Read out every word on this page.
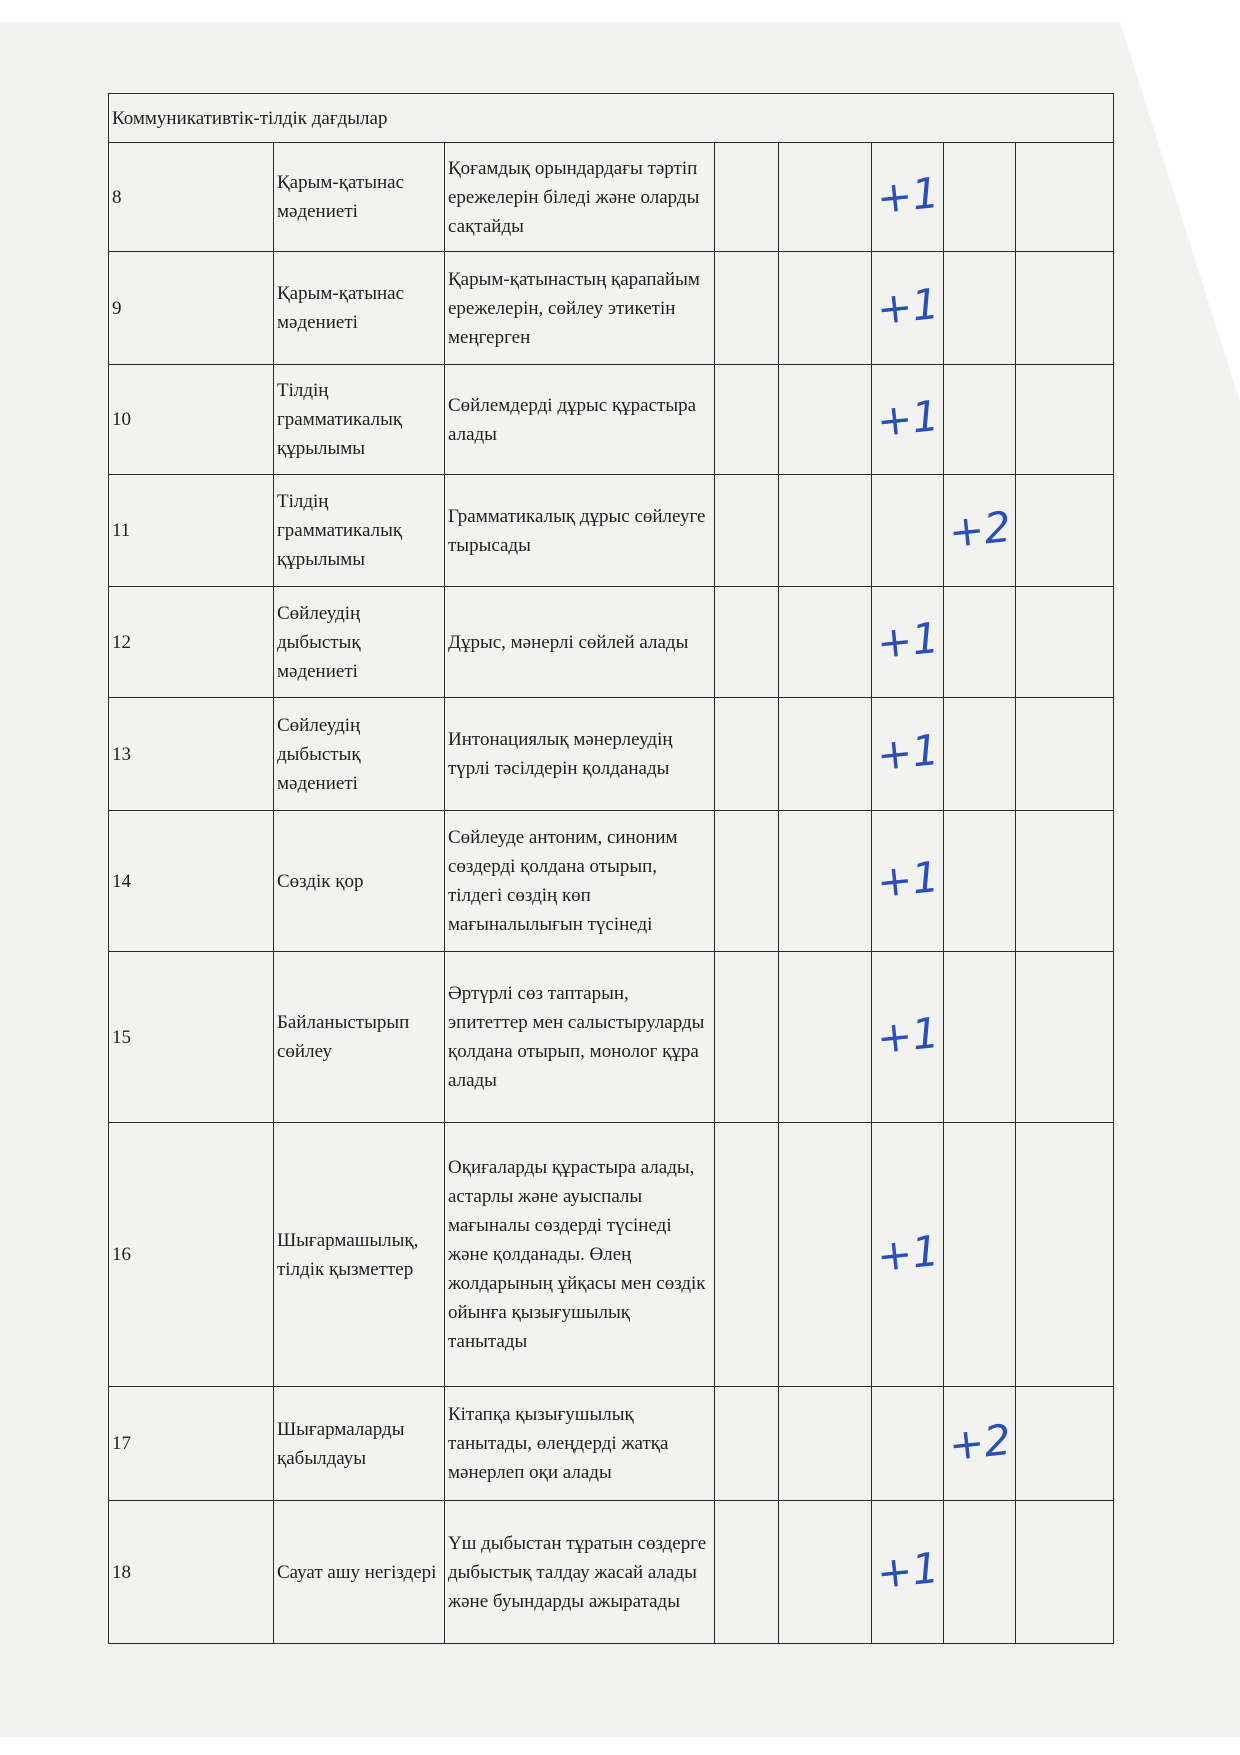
Коммуникативтік-тілдік дағдылар							
8	Қарым-қатынас мәдениеті	Қоғамдық орындардағы тәртіп ережелерін біледі және оларды сақтайды			+1		
9	Қарым-қатынас мәдениеті	Қарым-қатынастың қарапайым ережелерін, сөйлеу этикетін меңгерген			+1		
10	Тілдің грамматикалық құрылымы	Сөйлемдерді дұрыс құрастыра алады			+1		
11	Тілдің грамматикалық құрылымы	Грамматикалық дұрыс сөйлеуге тырысады				+2	
12	Сөйлеудің дыбыстық мәдениеті	Дұрыс, мәнерлі сөйлей алады			+1		
13	Сөйлеудің дыбыстық мәдениеті	Интонациялық мәнерлеудің түрлі тәсілдерін қолданады			+1		
14	Сөздік қор	Сөйлеуде антоним, синоним сөздерді қолдана отырып, тілдегі сөздің көп мағыналылығын түсінеді			+1		
15	Байланыстырып сөйлеу	Әртүрлі сөз таптарын, эпитеттер мен салыстыруларды қолдана отырып, монолог құра алады			+1		
16	Шығармашылық, тілдік қызметтер	Оқиғаларды құрастыра алады, астарлы және ауыспалы мағыналы сөздерді түсінеді және қолданады. Өлең жолдарының ұйқасы мен сөздік ойынға қызығушылық танытады			+1		
17	Шығармаларды қабылдауы	Кітапқа қызығушылық танытады, өлеңдерді жатқа мәнерлеп оқи алады				+2	
18	Сауат ашу негіздері	Үш дыбыстан тұратын сөздерге дыбыстық талдау жасай алады және буындарды ажыратады			+1		
